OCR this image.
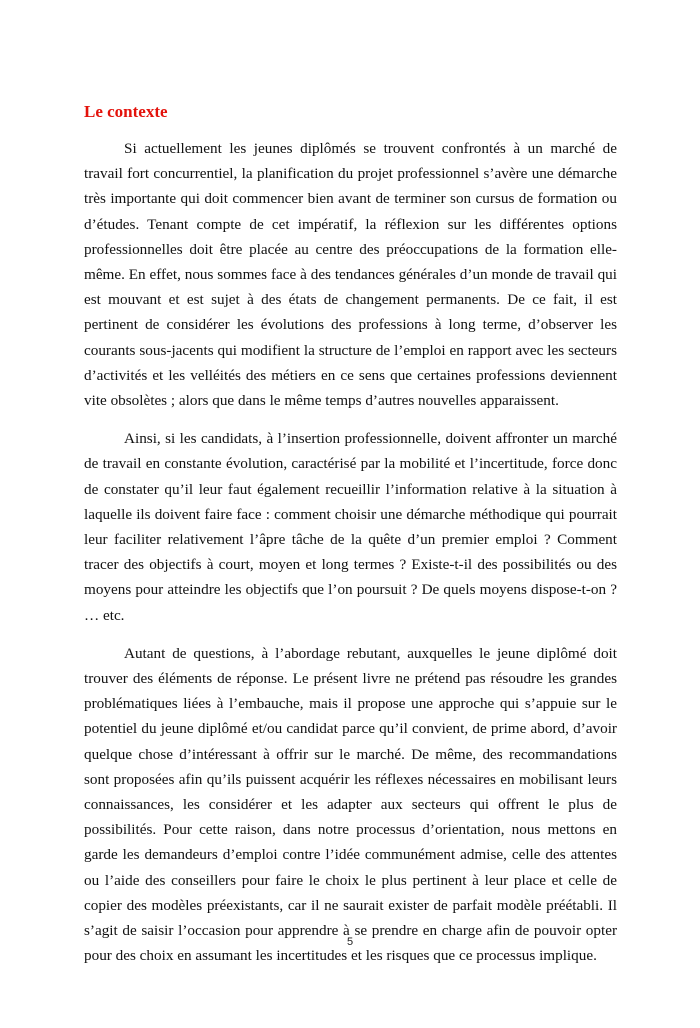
Le contexte

Si actuellement les jeunes diplômés se trouvent confrontés à un marché de travail fort concurrentiel, la planification du projet professionnel s’avère une démarche très importante qui doit commencer bien avant de terminer son cursus de formation ou d’études. Tenant compte de cet impératif, la réflexion sur les différentes options professionnelles doit être placée au centre des préoccupations de la formation elle-même. En effet, nous sommes face à des tendances générales d’un monde de travail qui est mouvant et est sujet à des états de changement permanents. De ce fait, il est pertinent de considérer les évolutions des professions à long terme, d’observer les courants sous-jacents qui modifient la structure de l’emploi en rapport avec les secteurs d’activités et les velléités des métiers en ce sens que certaines professions deviennent vite obsolètes ; alors que dans le même temps d’autres nouvelles apparaissent.

Ainsi, si les candidats, à l’insertion professionnelle, doivent affronter un marché de travail en constante évolution, caractérisé par la mobilité et l’incertitude, force donc de constater qu’il leur faut également recueillir l’information relative à la situation à laquelle ils doivent faire face : comment choisir une démarche méthodique qui pourrait leur faciliter relativement l’âpre tâche de la quête d’un premier emploi ? Comment tracer des objectifs à court, moyen et long termes ? Existe-t-il des possibilités ou des moyens pour atteindre les objectifs que l’on poursuit ? De quels moyens dispose-t-on ? … etc.

Autant de questions, à l’abordage rebutant, auxquelles le jeune diplômé doit trouver des éléments de réponse. Le présent livre ne prétend pas résoudre les grandes problématiques liées à l’embauche, mais il propose une approche qui s’appuie sur le potentiel du jeune diplômé et/ou candidat parce qu’il convient, de prime abord, d’avoir quelque chose d’intéressant à offrir sur le marché. De même, des recommandations sont proposées afin qu’ils puissent acquérir les réflexes nécessaires en mobilisant leurs connaissances, les considérer et les adapter aux secteurs qui offrent le plus de possibilités. Pour cette raison, dans notre processus d’orientation, nous mettons en garde les demandeurs d’emploi contre l’idée communément admise, celle des attentes ou l’aide des conseillers pour faire le choix le plus pertinent à leur place et celle de copier des modèles préexistants, car il ne saurait exister de parfait modèle préétabli. Il s’agit de saisir l’occasion pour apprendre à se prendre en charge afin de pouvoir opter pour des choix en assumant les incertitudes et les risques que ce processus implique.

5
